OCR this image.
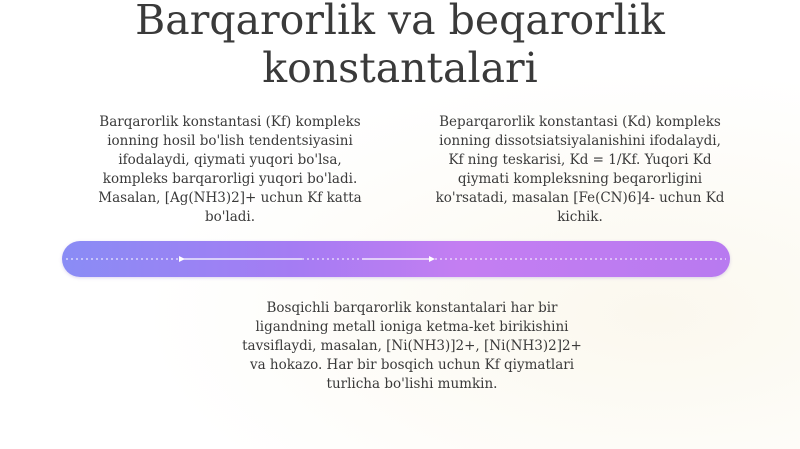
Barqarorlik va beqarorlik
konstantalari
Barqarorlik konstantasi (Kf) kompleks
ionning hosil bo'lish tendentsiyasini
ifodalaydi, qiymati yuqori bo'lsa,
kompleks barqarorligi yuqori bo'ladi.
Masalan, [Ag(NH3)2]+ uchun Kf katta
bo'ladi.
Beparqarorlik konstantasi (Kd) kompleks
ionning dissotsiatsiyalanishini ifodalaydi,
Kf ning teskarisi, Kd = 1/Kf. Yuqori Kd
qiymati kompleksning beqarorligini
ko'rsatadi, masalan [Fe(CN)6]4- uchun Kd
kichik.
Bosqichli barqarorlik konstantalari har bir
ligandning metall ioniga ketma-ket birikishini
tavsiflaydi, masalan, [Ni(NH3)]2+, [Ni(NH3)2]2+
va hokazo. Har bir bosqich uchun Kf qiymatlari
turlicha bo'lishi mumkin.
